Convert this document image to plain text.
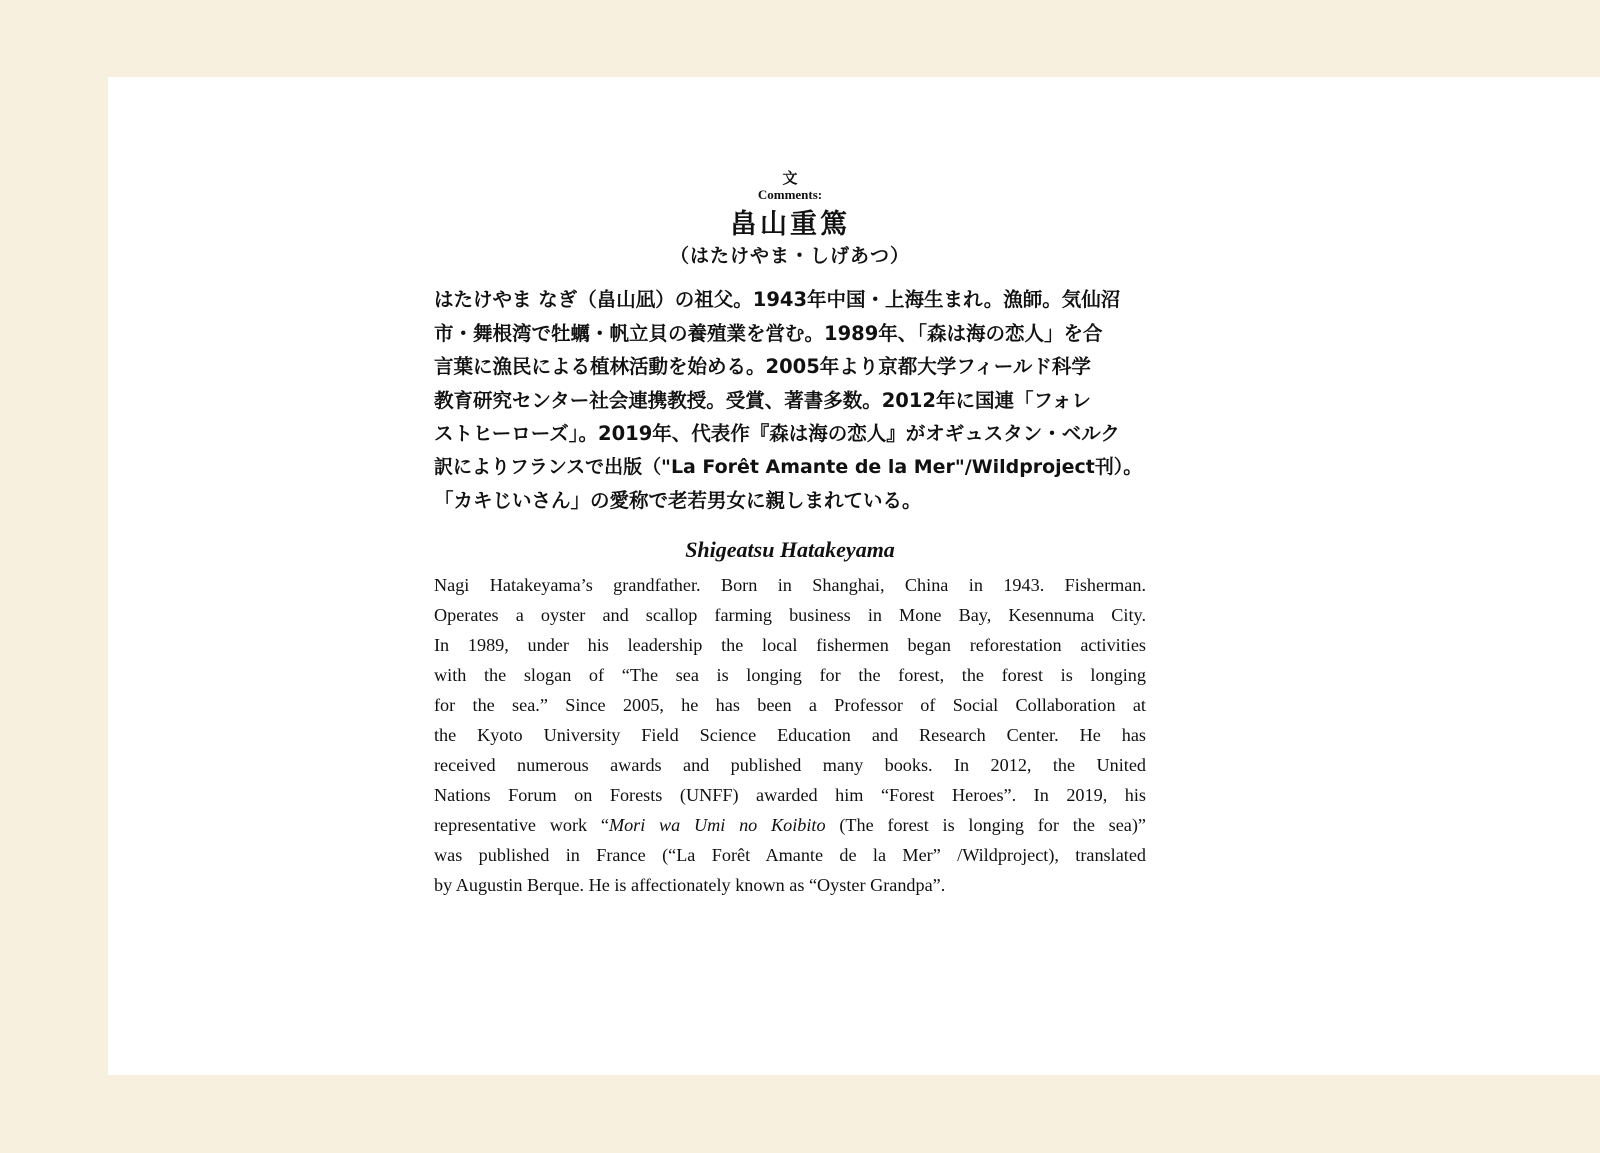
文
Comments:
畠山重篤
（はたけやま・しげあつ）
はたけやま なぎ（畠山凪）の祖父。1943年中国・上海生まれ。漁師。気仙沼
市・舞根湾で牡蠣・帆立貝の養殖業を営む。1989年、「森は海の恋人」を合
言葉に漁民による植林活動を始める。2005年より京都大学フィールド科学
教育研究センター社会連携教授。受賞、著書多数。2012年に国連「フォレ
ストヒーローズ」。2019年、代表作『森は海の恋人』がオギュスタン・ベルク
訳によりフランスで出版（"La Forêt Amante de la Mer"/Wildproject刊）。
「カキじいさん」の愛称で老若男女に親しまれている。
Shigeatsu Hatakeyama
Nagi Hatakeyama’s grandfather. Born in Shanghai, China in 1943. Fisherman.
Operates a oyster and scallop farming business in Mone Bay, Kesennuma City.
In 1989, under his leadership the local fishermen began reforestation activities
with the slogan of “The sea is longing for the forest, the forest is longing
for the sea.” Since 2005, he has been a Professor of Social Collaboration at
the Kyoto University Field Science Education and Research Center. He has
received numerous awards and published many books. In 2012, the United
Nations Forum on Forests (UNFF) awarded him “Forest Heroes”. In 2019, his
representative work “Mori wa Umi no Koibito (The forest is longing for the sea)”
was published in France (“La Forêt Amante de la Mer” /Wildproject), translated
by Augustin Berque. He is affectionately known as “Oyster Grandpa”.
